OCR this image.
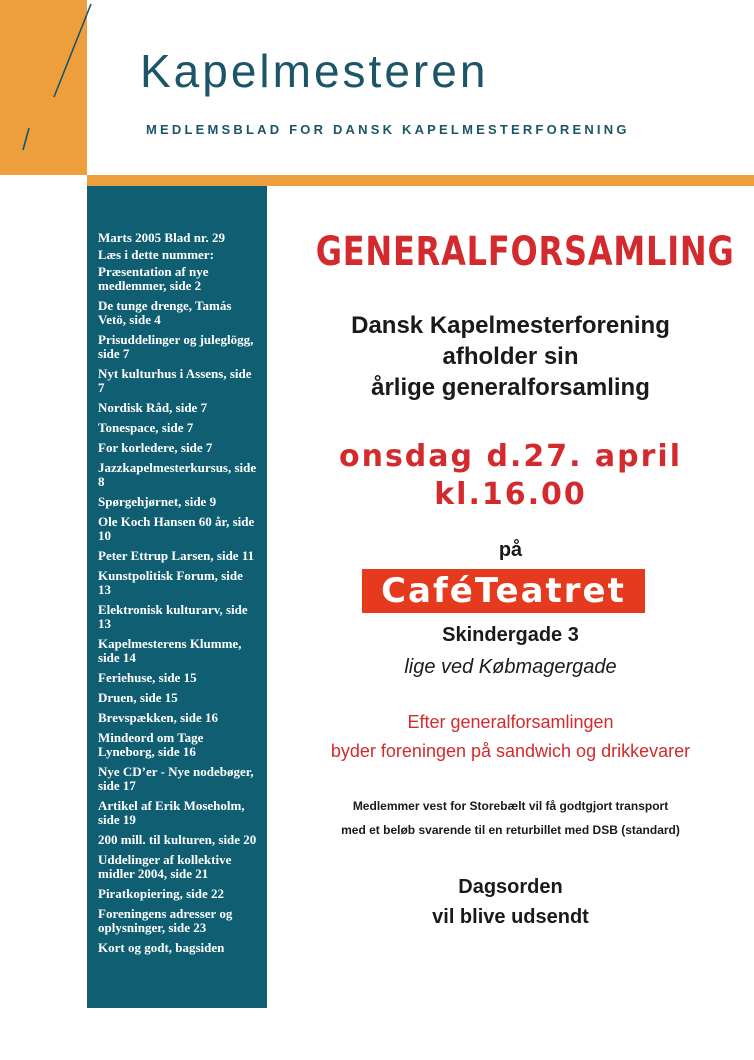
Kapelmesteren
MEDLEMSBLAD FOR DANSK KAPELMESTERFORENING
Marts 2005 Blad nr. 29
Læs i dette nummer:
Præsentation af nye medlemmer, side 2
De tunge drenge, Tamás Vetö, side 4
Prisuddelinger og juleglögg, side 7
Nyt kulturhus i Assens, side 7
Nordisk Råd, side 7
Tonespace, side 7
For korledere, side 7
Jazzkapelmesterkursus, side 8
Spørgehjørnet, side 9
Ole Koch Hansen 60 år, side 10
Peter Ettrup Larsen, side 11
Kunstpolitisk Forum, side 13
Elektronisk kulturarv, side 13
Kapelmesterens Klumme, side 14
Feriehuse, side 15
Druen, side 15
Brevspækken, side 16
Mindeord om Tage Lyneborg, side 16
Nye CD’er - Nye nodebøger, side 17
Artikel af Erik Moseholm, side 19
200 mill. til kulturen, side 20
Uddelinger af kollektive midler 2004, side 21
Piratkopiering, side 22
Foreningens adresser og oplysninger, side 23
Kort og godt, bagsiden
GENERALFORSAMLING
Dansk Kapelmesterforening
afholder sin
årlige generalforsamling
onsdag d.27. april
kl.16.00
på
CaféTeatret
Skindergade 3
lige ved Købmagergade
Efter generalforsamlingen
byder foreningen på sandwich og drikkevarer
Medlemmer vest for Storebælt vil få godtgjort transport
med et beløb svarende til en returbillet med DSB (standard)
Dagsorden
vil blive udsendt
